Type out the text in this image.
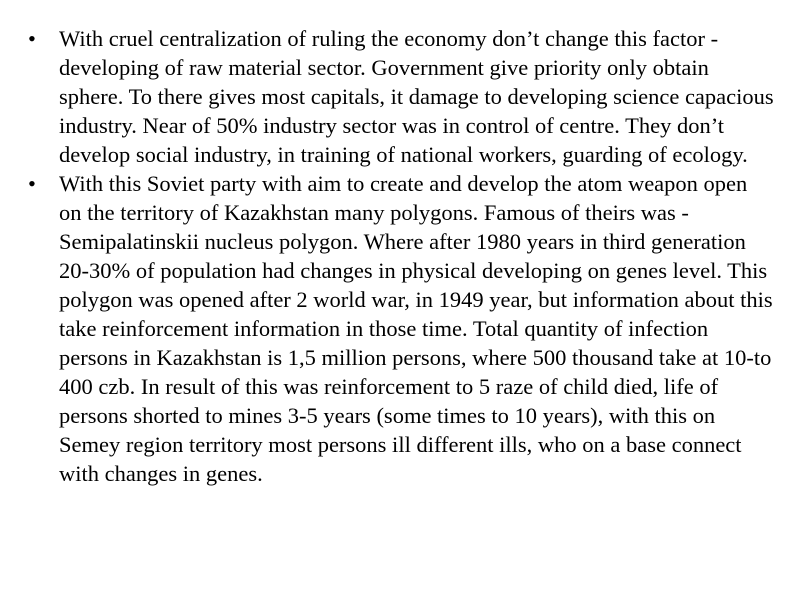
•	With cruel centralization of ruling the economy don’t change this factor - developing of raw material sector. Government give priority only obtain sphere. To there gives most capitals, it damage to developing science capacious industry. Near of 50% industry sector was in control of centre. They don’t develop social industry, in training of national workers, guarding of ecology.
•	With this Soviet party with aim to create and develop the atom weapon open on the territory of Kazakhstan many polygons. Famous of theirs was - Semipalatinskii nucleus polygon. Where after 1980 years in third generation 20-30% of population had changes in physical developing on genes level. This polygon was opened after 2 world war, in 1949 year, but information about this take reinforcement information in those time. Total quantity of infection persons in Kazakhstan is 1,5 million persons, where 500 thousand take at 10-to 400 czb. In result of this was reinforcement to 5 raze of child died, life of persons shorted to mines 3-5 years (some times to 10 years), with this on Semey region territory most persons ill different ills, who on a base connect with changes in genes.
